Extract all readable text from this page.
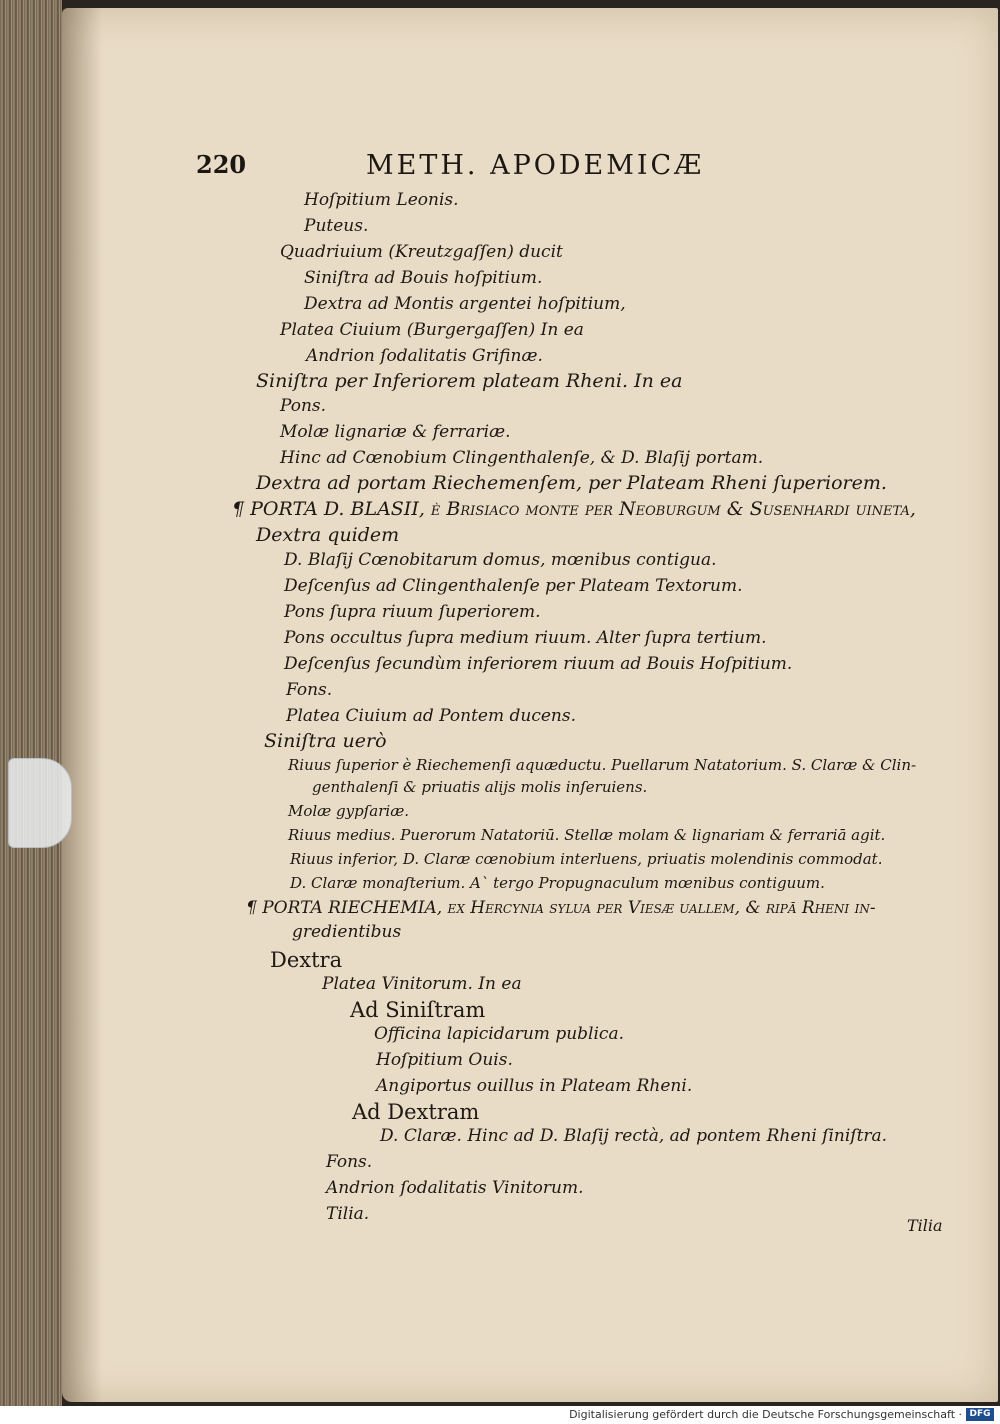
220	METH. APODEMICÆ
Hoſpitium Leonis.
Puteus.
Quadriuium (Kreutzgaſſen) ducit
Siniſtra ad Bouis hoſpitium.
Dextra ad Montis argentei hoſpitium,
Platea Ciuium (Burgergaſſen) In ea
Andrion ſodalitatis Grifinæ.
Siniſtra per Inferiorem plateam Rheni. In ea
Pons.
Molæ lignariæ & ferrariæ.
Hinc ad Cœnobium Clingenthalenſe, & D. Blaſij portam.
Dextra ad portam Riechemenſem, per Plateam Rheni ſuperiorem.
¶ PORTA D. BLASII, è Briſiaco monte per Neoburgum & Suſenhardi uineta,
Dextra quidem
D. Blaſij Cœnobitarum domus, mœnibus contigua.
Deſcenſus ad Clingenthalenſe per Plateam Textorum.
Pons ſupra riuum ſuperiorem.
Pons occultus ſupra medium riuum. Alter ſupra tertium.
Deſcenſus ſecundùm inferiorem riuum ad Bouis Hoſpitium.
Fons.
Platea Ciuium ad Pontem ducens.
Siniſtra uerò
Riuus ſuperior è Riechemenſi aquæductu. Puellarum Natatorium. S. Claræ & Clin-
genthalenſi & priuatis alijs molis inſeruiens.
Molæ gypſariæ.
Riuus medius. Puerorum Natatoriū. Stellæ molam & lignariam & ferrariā agit.
Riuus inferior, D. Claræ cœnobium interluens, priuatis molendinis commodat.
D. Claræ monaſterium. A` tergo Propugnaculum mœnibus contiguum.
¶ PORTA RIECHEMIA, ex Hercynia ſylua per Vieſæ uallem, & ripā Rheni in-
gredientibus
Dextra
Platea Vinitorum. In ea
Ad Siniſtram
Officina lapicidarum publica.
Hoſpitium Ouis.
Angiportus ouillus in Plateam Rheni.
Ad Dextram
D. Claræ. Hinc ad D. Blaſij rectà, ad pontem Rheni ſiniſtra.
Fons.
Andrion ſodalitatis Vinitorum.
Tilia.
Tilia
Digitalisierung gefördert durch die Deutsche Forschungsgemeinschaft · DFG
